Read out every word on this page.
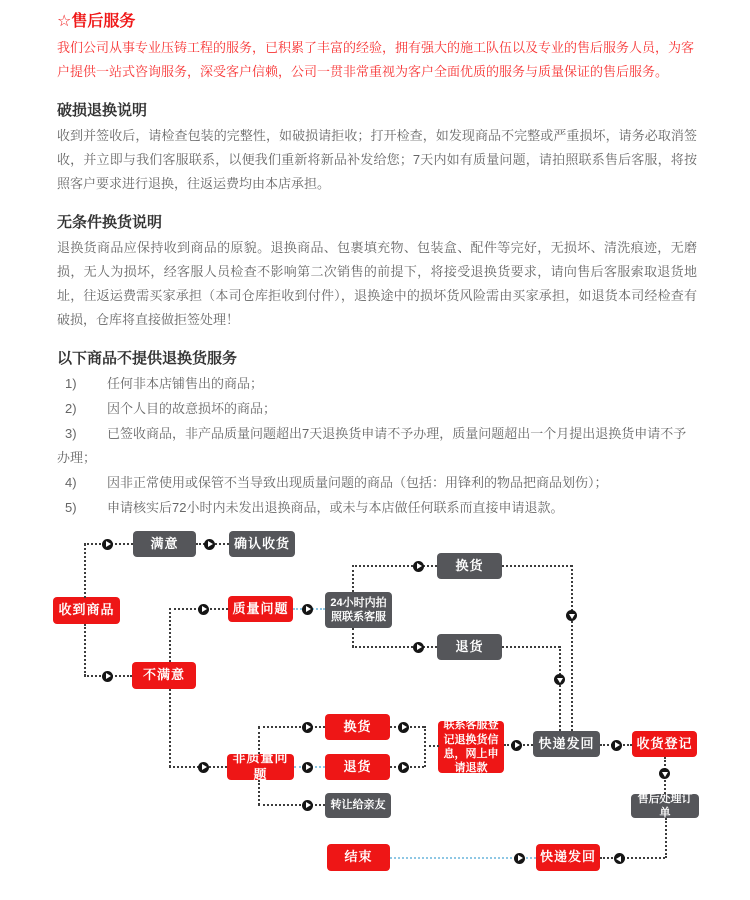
☆售后服务

我们公司从事专业压铸工程的服务，已积累了丰富的经验，拥有强大的施工队伍以及专业的售后服务人员，为客户提供一站式咨询服务，深受客户信赖，公司一贯非常重视为客户全面优质的服务与质量保证的售后服务。

破损退换说明

收到并签收后，请检查包装的完整性，如破损请拒收；打开检查，如发现商品不完整或严重损坏，请务必取消签收，并立即与我们客服联系，以便我们重新将新品补发给您；7天内如有质量问题，请拍照联系售后客服，将按照客户要求进行退换，往返运费均由本店承担。

无条件换货说明

退换货商品应保持收到商品的原貌。退换商品、包裹填充物、包装盒、配件等完好，无损坏、清洗痕迹，无磨损，无人为损坏，经客服人员检查不影响第二次销售的前提下，将接受退换货要求，请向售后客服索取退货地址，往返运费需买家承担（本司仓库拒收到付件），退换途中的损坏货风险需由买家承担，如退货本司经检查有破损，仓库将直接做拒签处理！

以下商品不提供退换货服务
1) 任何非本店铺售出的商品；
2) 因个人目的故意损坏的商品；
3) 已签收商品，非产品质量问题超出7天退换货申请不予办理，质量问题超出一个月提出退换货申请不予办理；
4) 因非正常使用或保管不当导致出现质量问题的商品（包括：用锋利的物品把商品划伤）；
5) 申请核实后72小时内未发出退换商品，或未与本店做任何联系而直接申请退款。
收到商品
满意	确认收货
质量问题	24小时内拍照联系客服
不满意
换货
退货
非质量问题
换货
退货
转让给亲友
联系客服登记退换货信息，网上申请退款
快递发回	收货登记
售后处理订单
结束	快递发回
